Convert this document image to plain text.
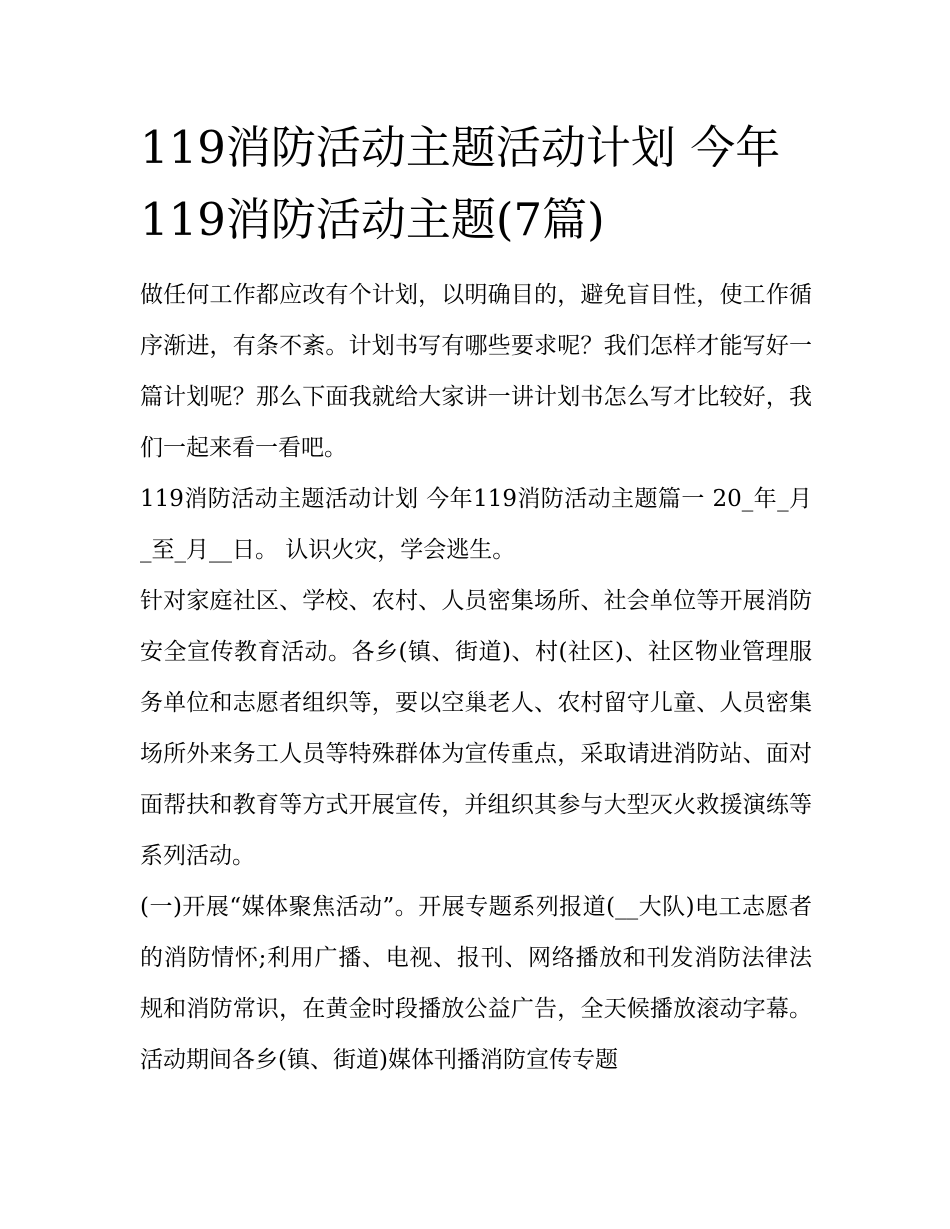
119消防活动主题活动计划 今年119消防活动主题(7篇)

做任何工作都应改有个计划，以明确目的，避免盲目性，使工作循序渐进，有条不紊。计划书写有哪些要求呢？我们怎样才能写好一篇计划呢？那么下面我就给大家讲一讲计划书怎么写才比较好，我们一起来看一看吧。

119消防活动主题活动计划 今年119消防活动主题篇一 20_年_月_至_月__日。 认识火灾，学会逃生。

针对家庭社区、学校、农村、人员密集场所、社会单位等开展消防安全宣传教育活动。各乡(镇、街道)、村(社区)、社区物业管理服务单位和志愿者组织等，要以空巢老人、农村留守儿童、人员密集场所外来务工人员等特殊群体为宣传重点，采取请进消防站、面对面帮扶和教育等方式开展宣传，并组织其参与大型灭火救援演练等系列活动。

(一)开展“媒体聚焦活动”。开展专题系列报道(__大队)电工志愿者的消防情怀;利用广播、电视、报刊、网络播放和刊发消防法律法规和消防常识，在黄金时段播放公益广告，全天候播放滚动字幕。活动期间各乡(镇、街道)媒体刊播消防宣传专题
